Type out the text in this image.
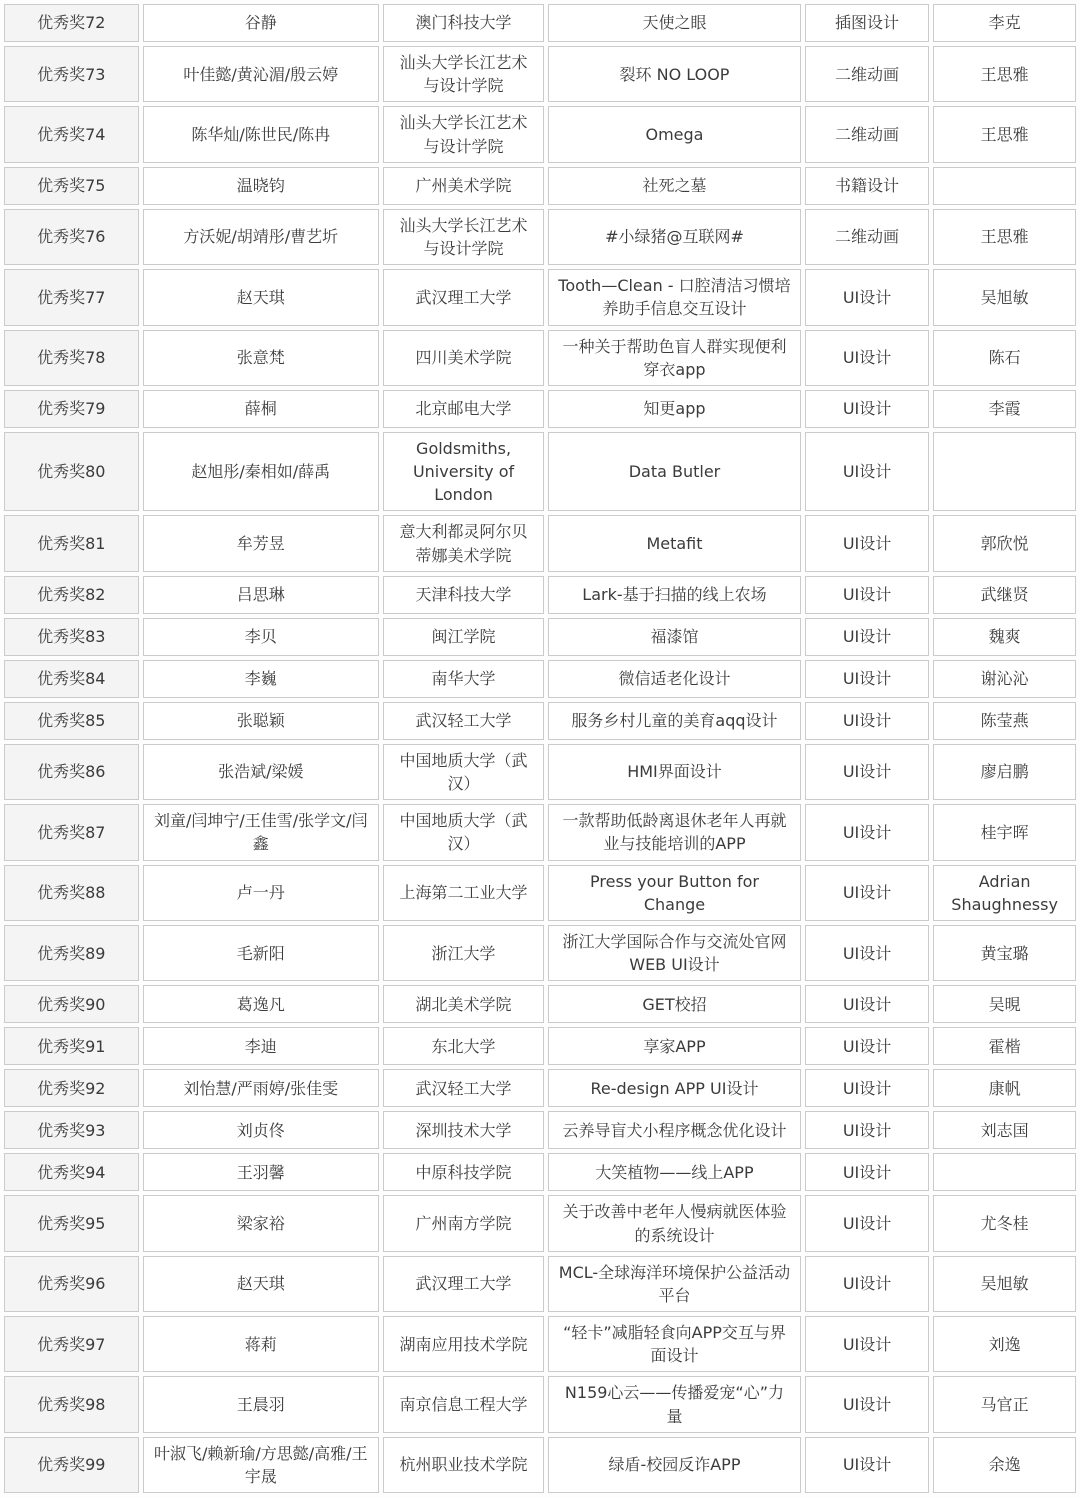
优秀奖72	谷静	澳门科技大学	天使之眼	插图设计	李克
优秀奖73	叶佳懿/黄沁湄/殷云婷	汕头大学长江艺术与设计学院	裂环 NO LOOP	二维动画	王思雅
优秀奖74	陈华灿/陈世民/陈冉	汕头大学长江艺术与设计学院	Omega	二维动画	王思雅
优秀奖75	温晓钧	广州美术学院	社死之墓	书籍设计	
优秀奖76	方沃妮/胡靖彤/曹艺圻	汕头大学长江艺术与设计学院	#小绿猪@互联网#	二维动画	王思雅
优秀奖77	赵天琪	武汉理工大学	Tooth—Clean - 口腔清洁习惯培养助手信息交互设计	UI设计	吴旭敏
优秀奖78	张意梵	四川美术学院	一种关于帮助色盲人群实现便利穿衣app	UI设计	陈石
优秀奖79	薛桐	北京邮电大学	知更app	UI设计	李霞
优秀奖80	赵旭彤/秦相如/薛禹	Goldsmiths, University of London	Data Butler	UI设计	
优秀奖81	牟芳昱	意大利都灵阿尔贝蒂娜美术学院	Metafit	UI设计	郭欣悦
优秀奖82	吕思琳	天津科技大学	Lark-基于扫描的线上农场	UI设计	武继贤
优秀奖83	李贝	闽江学院	福漆馆	UI设计	魏爽
优秀奖84	李巍	南华大学	微信适老化设计	UI设计	谢沁沁
优秀奖85	张聪颖	武汉轻工大学	服务乡村儿童的美育aqq设计	UI设计	陈莹燕
优秀奖86	张浩斌/梁媛	中国地质大学（武汉）	HMI界面设计	UI设计	廖启鹏
优秀奖87	刘童/闫坤宁/王佳雪/张学文/闫鑫	中国地质大学（武汉）	一款帮助低龄离退休老年人再就业与技能培训的APP	UI设计	桂宇晖
优秀奖88	卢一丹	上海第二工业大学	Press your Button for Change	UI设计	Adrian Shaughnessy
优秀奖89	毛新阳	浙江大学	浙江大学国际合作与交流处官网WEB UI设计	UI设计	黄宝璐
优秀奖90	葛逸凡	湖北美术学院	GET校招	UI设计	吴晛
优秀奖91	李迪	东北大学	享家APP	UI设计	霍楷
优秀奖92	刘怡慧/严雨婷/张佳雯	武汉轻工大学	Re-design APP UI设计	UI设计	康帆
优秀奖93	刘贞佟	深圳技术大学	云养导盲犬小程序概念优化设计	UI设计	刘志国
优秀奖94	王羽馨	中原科技学院	大笑植物——线上APP	UI设计	
优秀奖95	梁家裕	广州南方学院	关于改善中老年人慢病就医体验的系统设计	UI设计	尤冬桂
优秀奖96	赵天琪	武汉理工大学	MCL-全球海洋环境保护公益活动平台	UI设计	吴旭敏
优秀奖97	蒋莉	湖南应用技术学院	“轻卡”减脂轻食向APP交互与界面设计	UI设计	刘逸
优秀奖98	王晨羽	南京信息工程大学	N159心云——传播爱宠“心”力量	UI设计	马官正
优秀奖99	叶淑飞/赖新瑜/方思懿/高雅/王宇晟	杭州职业技术学院	绿盾-校园反诈APP	UI设计	余逸
